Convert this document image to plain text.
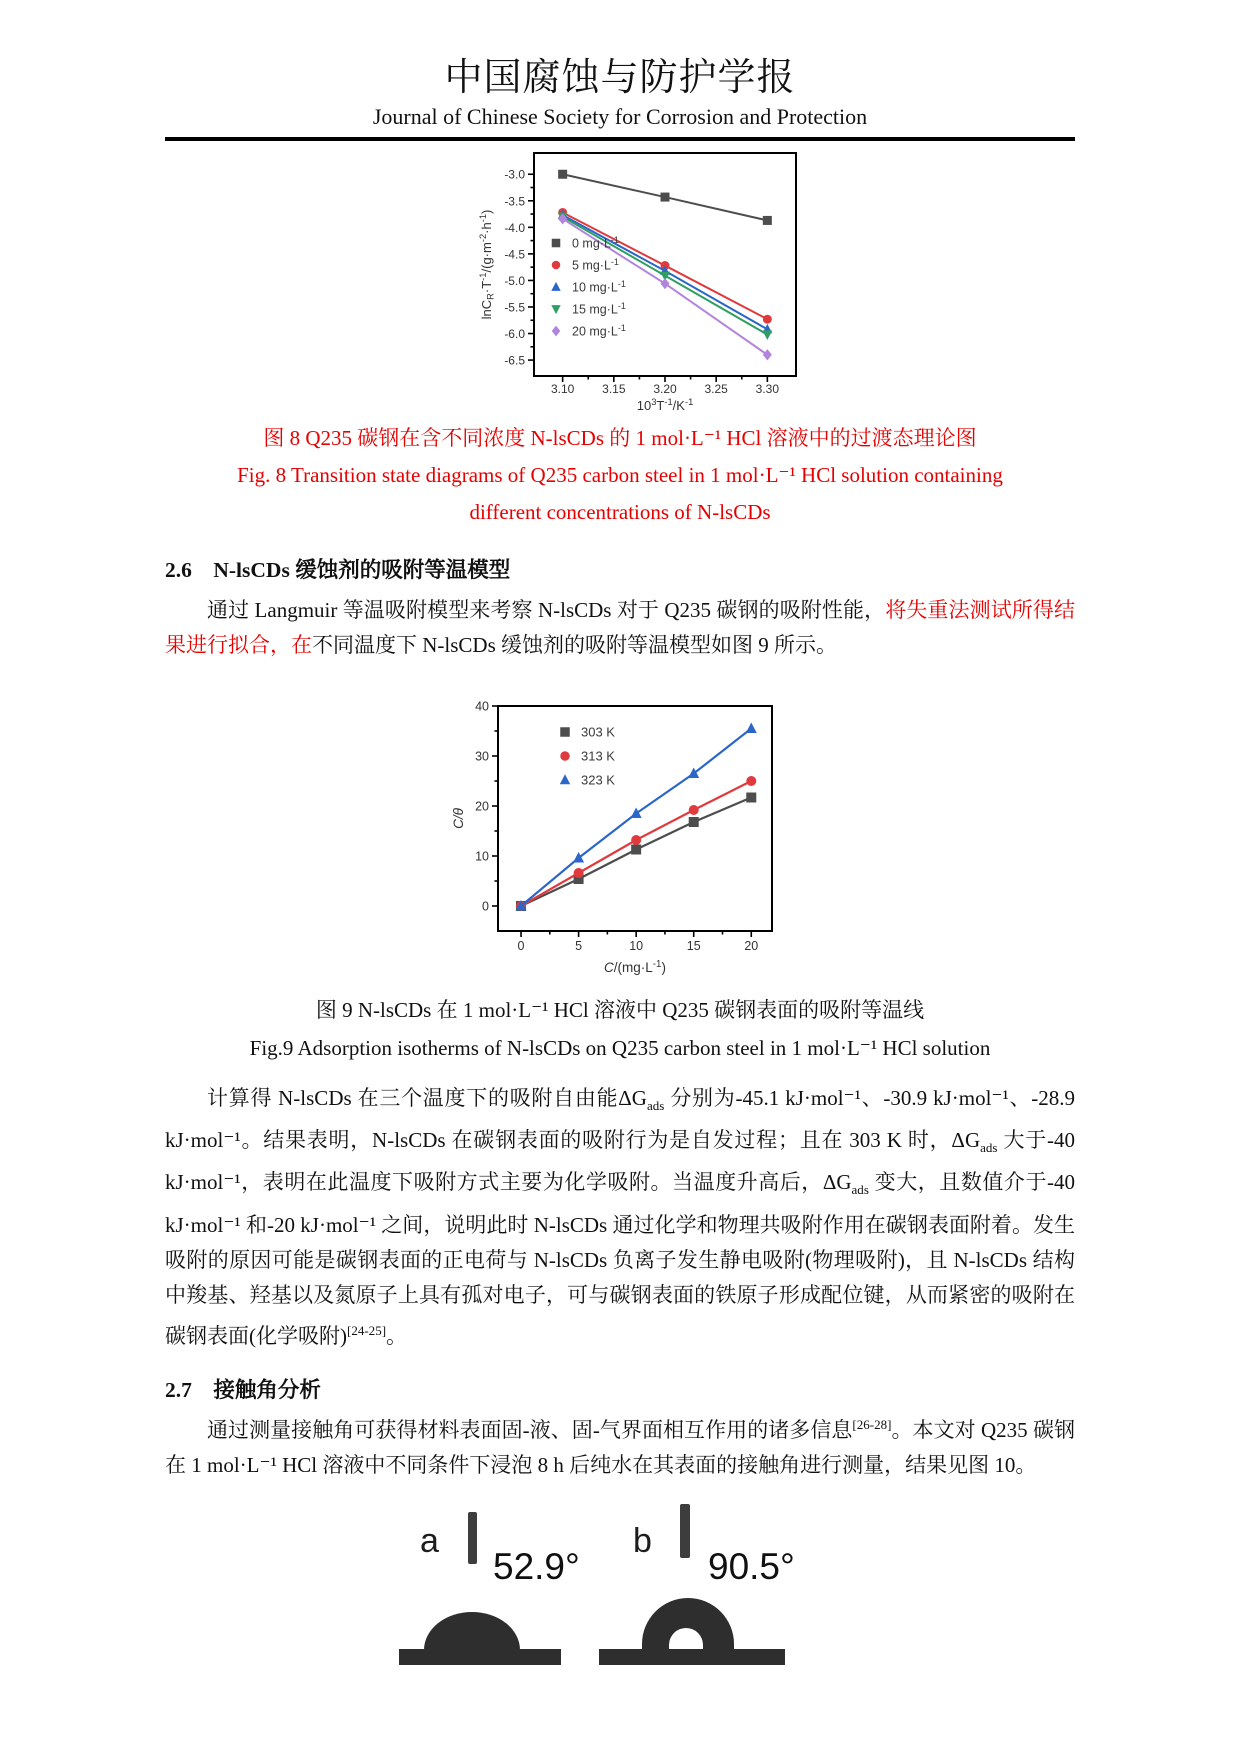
中国腐蚀与防护学报
Journal of Chinese Society for Corrosion and Protection
3.10 3.15 3.20 3.25 3.30
-3.0
-3.5
-4.0
-4.5
-5.0
-5.5
-6.0
-6.5
$10^3T^{-1}/K^{-1}$
$lnCR\cdot T^{-1}/(g\cdot m^{-2}\cdot h^{-1})$
0 $mg\cdot L^{-1}$
5 $mg\cdot L^{-1}$
10 $mg\cdot L^{-1}$
15 $mg\cdot L^{-1}$
20 $mg\cdot L^{-1}$
图 8 Q235 碳钢在含不同浓度 N-lsCDs 的 1 mol·L⁻¹ HCl 溶液中的过渡态理论图
Fig. 8 Transition state diagrams of Q235 carbon steel in 1 mol·L⁻¹ HCl solution containing
different concentrations of N-lsCDs
2.6　N-lsCDs 缓蚀剂的吸附等温模型

通过 Langmuir 等温吸附模型来考察 N-lsCDs 对于 Q235 碳钢的吸附性能，将失重法测试所得结果进行拟合，在不同温度下 N-lsCDs 缓蚀剂的吸附等温模型如图 9 所示。

0	5	10	15	20
0
10
20
30
40
$C/(mg\cdot L^{-1})$
C/θ
303 K
313 K
323 K
图 9 N-lsCDs 在 1 mol·L⁻¹ HCl 溶液中 Q235 碳钢表面的吸附等温线
Fig.9 Adsorption isotherms of N-lsCDs on Q235 carbon steel in 1 mol·L⁻¹ HCl solution

计算得 N-lsCDs 在三个温度下的吸附自由能$\Delta G_{ads}$ 分别为-45.1 kJ·mol⁻¹、-30.9 kJ·mol⁻¹、-28.9 kJ·mol⁻¹。结果表明，N-lsCDs 在碳钢表面的吸附行为是自发过程；且在 303 K 时，$\Delta G_{ads}$ 大于-40 kJ·mol⁻¹，表明在此温度下吸附方式主要为化学吸附。当温度升高后，$\Delta G_{ads}$ 变大，且数值介于-40 kJ·mol⁻¹ 和-20 kJ·mol⁻¹ 之间，说明此时 N-lsCDs 通过化学和物理共吸附作用在碳钢表面附着。发生吸附的原因可能是碳钢表面的正电荷与 N-lsCDs 负离子发生静电吸附(物理吸附)，且 N-lsCDs 结构中羧基、羟基以及氮原子上具有孤对电子，可与碳钢表面的铁原子形成配位键，从而紧密的吸附在碳钢表面(化学吸附)[24-25]。

2.7　接触角分析

通过测量接触角可获得材料表面固-液、固-气界面相互作用的诸多信息[26-28]。本文对 Q235 碳钢在 1 mol·L⁻¹ HCl 溶液中不同条件下浸泡 8 h 后纯水在其表面的接触角进行测量，结果见图 10。

a
52.9°
b
90.5°
